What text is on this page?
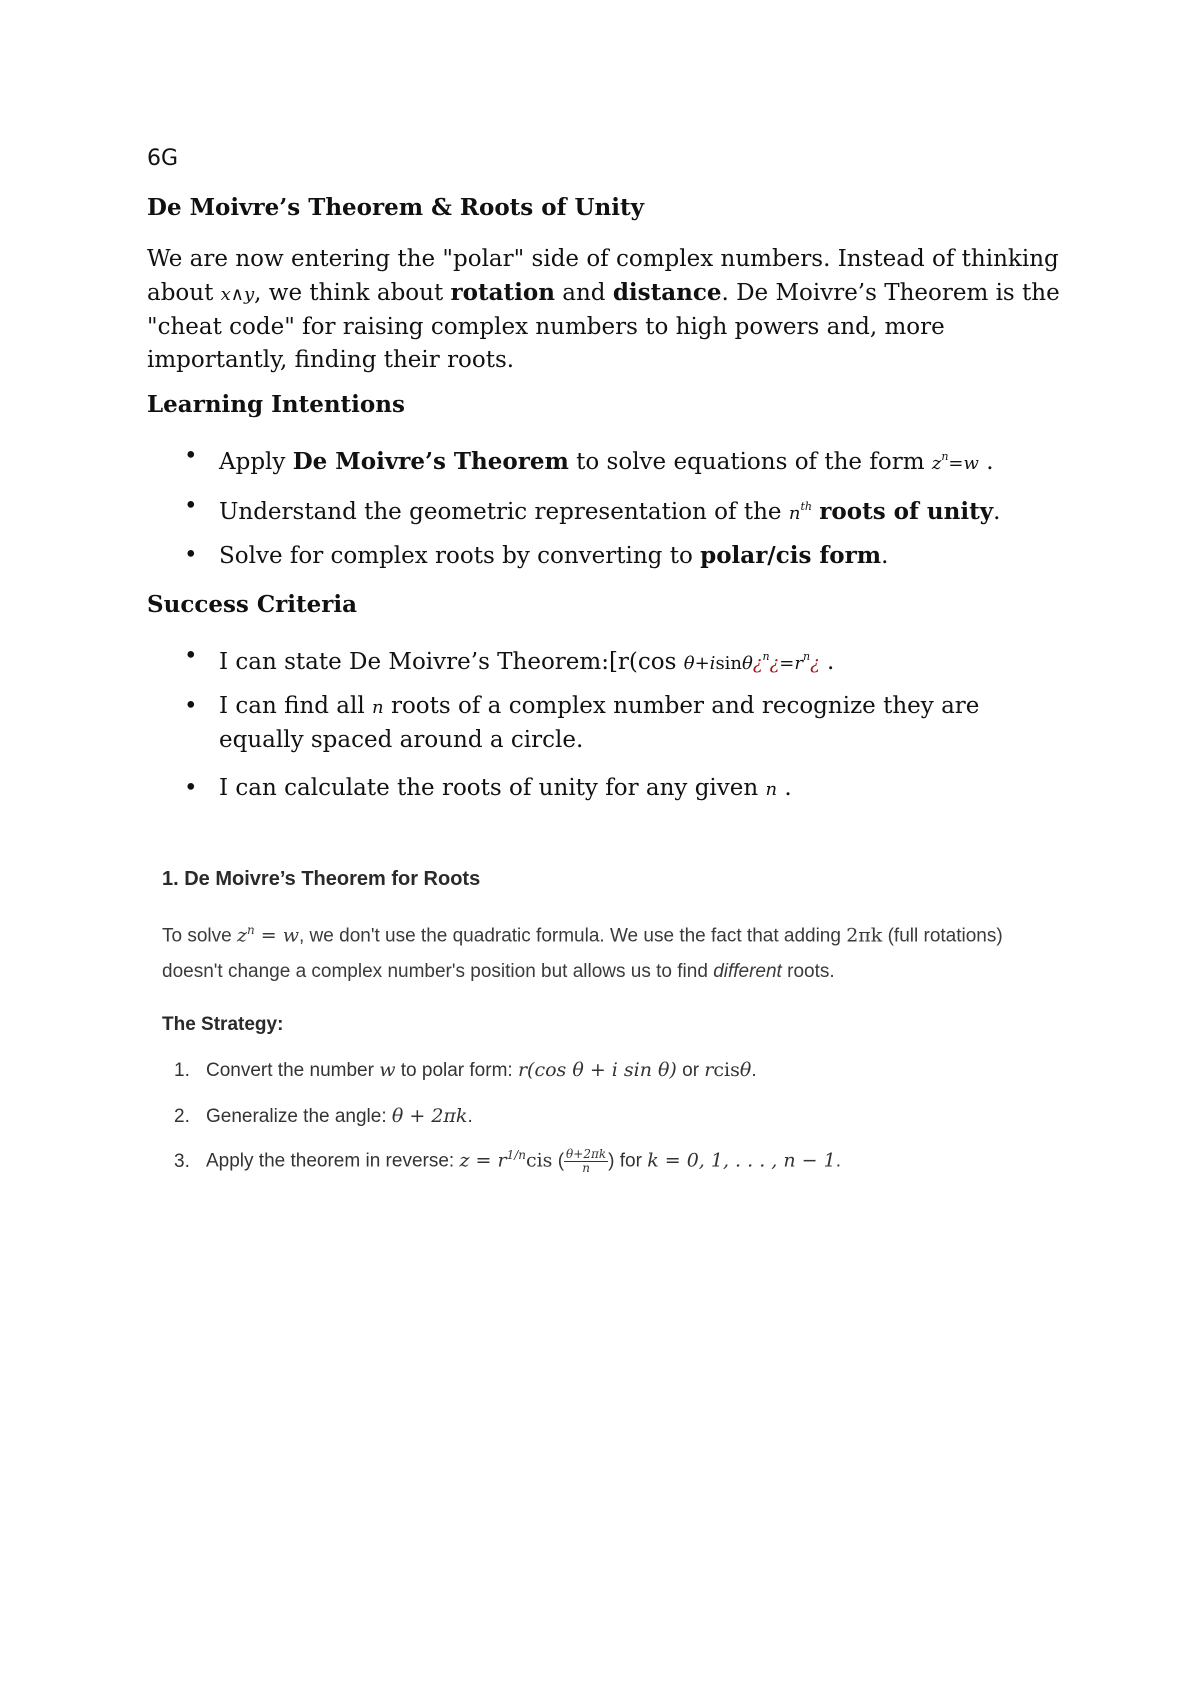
6G
De Moivre’s Theorem & Roots of Unity
We are now entering the "polar" side of complex numbers. Instead of thinking about x∧y, we think about rotation and distance. De Moivre’s Theorem is the "cheat code" for raising complex numbers to high powers and, more importantly, finding their roots.
Learning Intentions
• Apply De Moivre’s Theorem to solve equations of the form $z^n=w$ .
• Understand the geometric representation of the $n^{th}$ roots of unity.
• Solve for complex roots by converting to polar/cis form.
Success Criteria
• I can state De Moivre’s Theorem:[r(cos $\theta+isin\theta¿^n¿=r^n¿$ .
• I can find all n roots of a complex number and recognize they are equally spaced around a circle.
• I can calculate the roots of unity for any given n .
1. De Moivre’s Theorem for Roots
To solve $z^n = w$, we don't use the quadratic formula. We use the fact that adding 2πk (full rotations) doesn't change a complex number's position but allows us to find different roots.
The Strategy:
1. Convert the number w to polar form: r(cos θ + i sin θ) or rcisθ.
2. Generalize the angle: θ + 2πk.
3. Apply the theorem in reverse: $z = r^{1/n}cis$ ( $\frac{\theta+2\pi k}{n}$ ) for k = 0, 1, . . . , n − 1.
